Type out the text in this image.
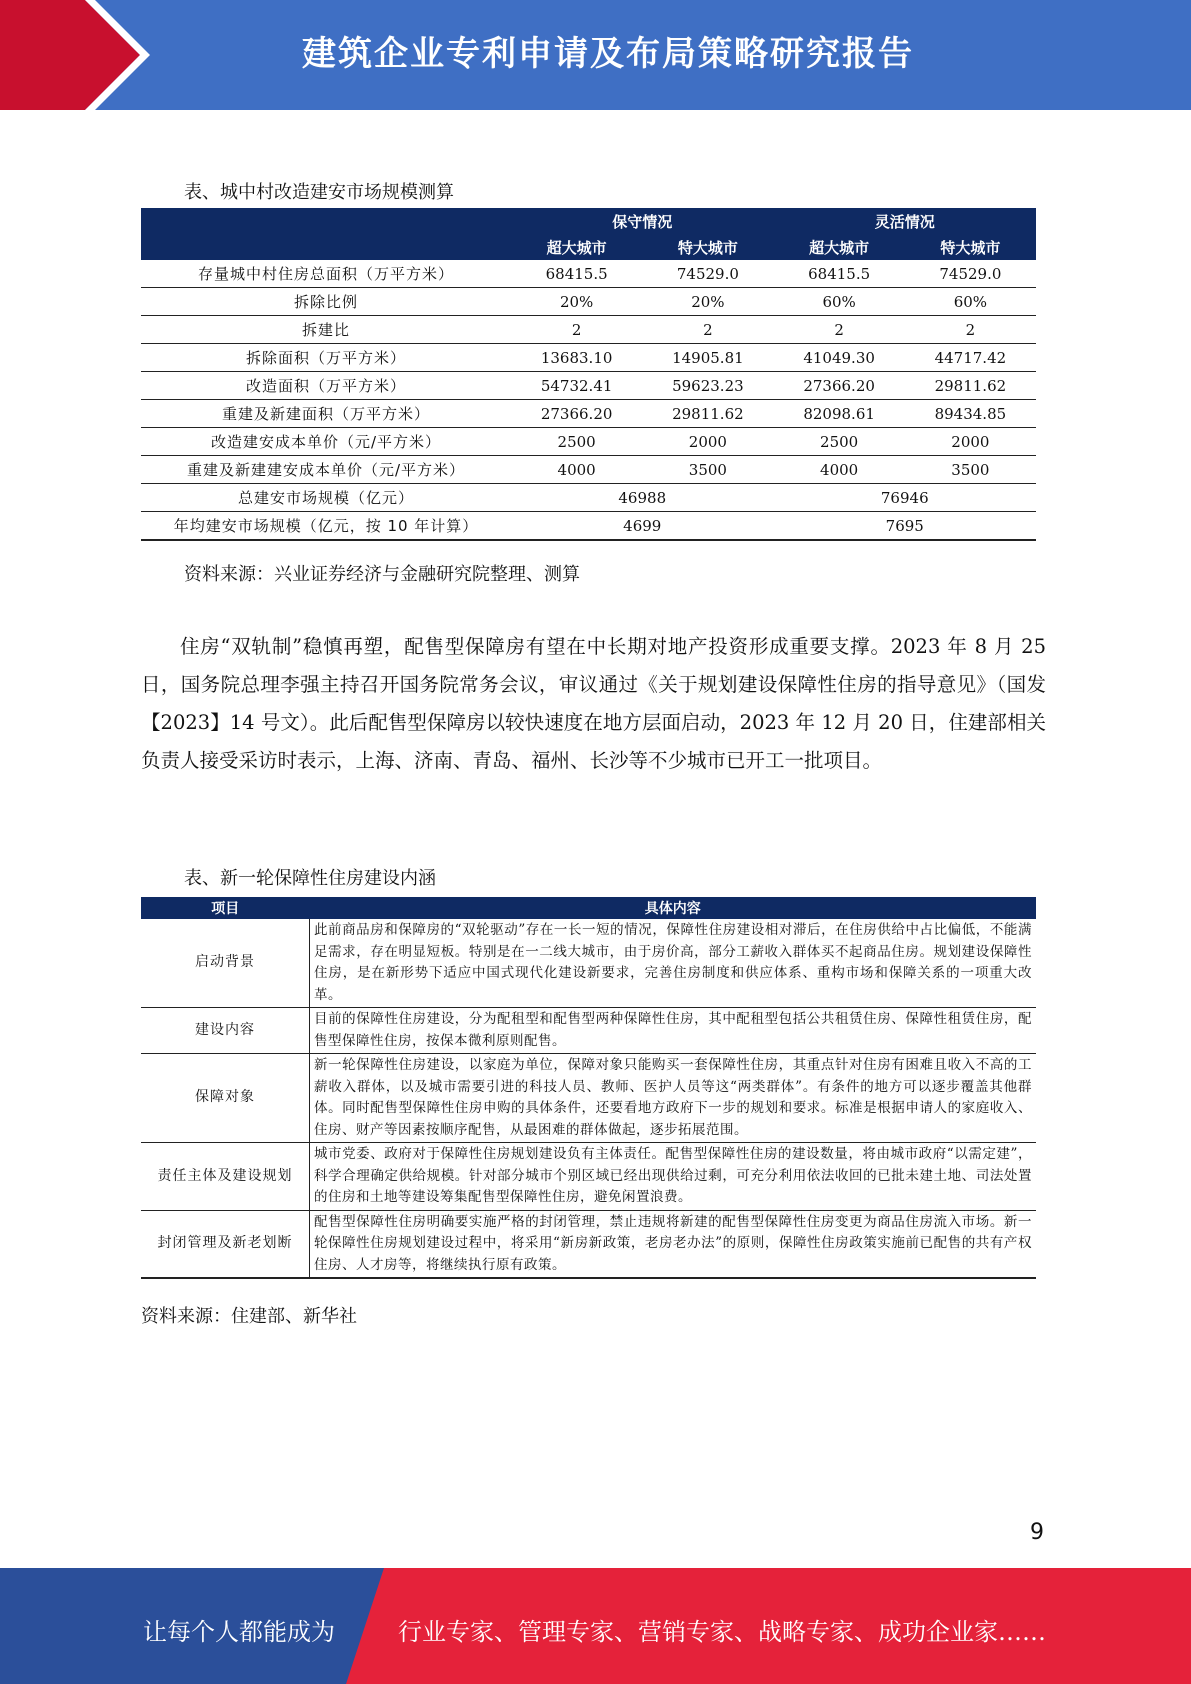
建筑企业专利申请及布局策略研究报告
表、城中村改造建安市场规模测算
	保守情况		灵活情况	
	超大城市	特大城市	超大城市	特大城市
存量城中村住房总面积（万平方米）	68415.5	74529.0	68415.5	74529.0
拆除比例	20%	20%	60%	60%
拆建比	2	2	2	2
拆除面积（万平方米）	13683.10	14905.81	41049.30	44717.42
改造面积（万平方米）	54732.41	59623.23	27366.20	29811.62
重建及新建面积（万平方米）	27366.20	29811.62	82098.61	89434.85
改造建安成本单价（元/平方米）	2500	2000	2500	2000
重建及新建建安成本单价（元/平方米）	4000	3500	4000	3500
总建安市场规模（亿元）	46988		76946	
年均建安市场规模（亿元，按 10 年计算）	4699		7695	
资料来源：兴业证券经济与金融研究院整理、测算
住房“双轨制”稳慎再塑，配售型保障房有望在中长期对地产投资形成重要支撑。2023 年 8 月 25 日，国务院总理李强主持召开国务院常务会议，审议通过《关于规划建设保障性住房的指导意见》（国发【2023】14 号文）。此后配售型保障房以较快速度在地方层面启动，2023 年 12 月 20 日，住建部相关负责人接受采访时表示，上海、济南、青岛、福州、长沙等不少城市已开工一批项目。
表、新一轮保障性住房建设内涵
项目	具体内容
启动背景	此前商品房和保障房的“双轮驱动”存在一长一短的情况，保障性住房建设相对滞后，在住房供给中占比偏低，不能满足需求，存在明显短板。特别是在一二线大城市，由于房价高，部分工薪收入群体买不起商品住房。规划建设保障性住房，是在新形势下适应中国式现代化建设新要求，完善住房制度和供应体系、重构市场和保障关系的一项重大改革。
建设内容	目前的保障性住房建设，分为配租型和配售型两种保障性住房，其中配租型包括公共租赁住房、保障性租赁住房，配售型保障性住房，按保本微利原则配售。
保障对象	新一轮保障性住房建设，以家庭为单位，保障对象只能购买一套保障性住房，其重点针对住房有困难且收入不高的工薪收入群体，以及城市需要引进的科技人员、教师、医护人员等这“两类群体”。有条件的地方可以逐步覆盖其他群体。同时配售型保障性住房申购的具体条件，还要看地方政府下一步的规划和要求。标准是根据申请人的家庭收入、住房、财产等因素按顺序配售，从最困难的群体做起，逐步拓展范围。
责任主体及建设规划	城市党委、政府对于保障性住房规划建设负有主体责任。配售型保障性住房的建设数量，将由城市政府“以需定建”，科学合理确定供给规模。针对部分城市个别区域已经出现供给过剩，可充分利用依法收回的已批未建土地、司法处置的住房和土地等建设筹集配售型保障性住房，避免闲置浪费。
封闭管理及新老划断	配售型保障性住房明确要实施严格的封闭管理，禁止违规将新建的配售型保障性住房变更为商品住房流入市场。新一轮保障性住房规划建设过程中，将采用“新房新政策，老房老办法”的原则，保障性住房政策实施前已配售的共有产权住房、人才房等，将继续执行原有政策。
资料来源：住建部、新华社
9
让每个人都能成为	行业专家、管理专家、营销专家、战略专家、成功企业家……
